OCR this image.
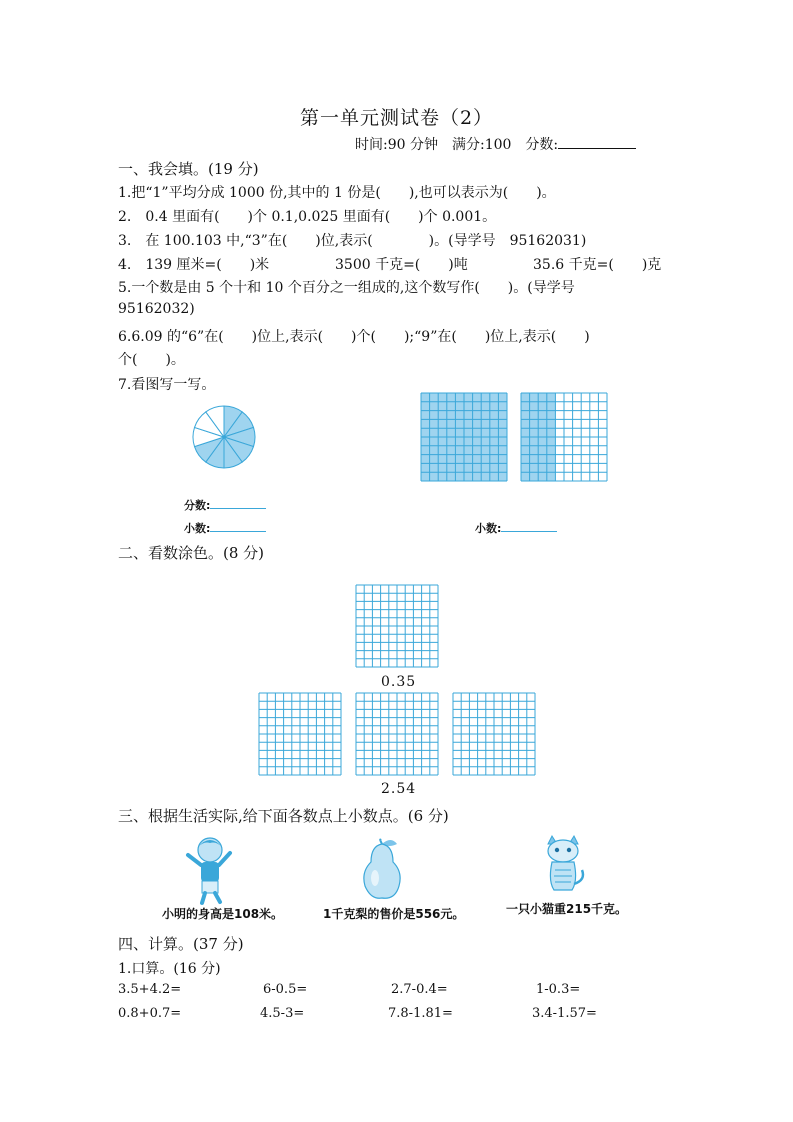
第一单元测试卷（2）
时间:90 分钟　满分:100　分数:
一、我会填。(19 分)
1.把“1”平均分成 1000 份,其中的 1 份是(　　),也可以表示为(　　)。
2.　0.4 里面有(　　)个 0.1,0.025 里面有(　　)个 0.001。
3.　在 100.103 中,“3”在(　　)位,表示(　　　　)。(导学号　95162031)
4.　139 厘米=(　　)米	3500 千克=(　　)吨	35.6 千克=(　　)克
5.一个数是由 5 个十和 10 个百分之一组成的,这个数写作(　　)。(导学号
95162032)
6.6.09 的“6”在(　　)位上,表示(　　)个(　　);“9”在(　　)位上,表示(　　)
个(　　)。
7.看图写一写。
分数:
小数:	小数:
二、看数涂色。(8 分)
0.35
2.54
三、根据生活实际,给下面各数点上小数点。(6 分)
小明的身高是108米。	1千克梨的售价是556元。	一只小猫重215千克。
四、计算。(37 分)
1.口算。(16 分)
3.5+4.2=	6-0.5=	2.7-0.4=	1-0.3=
0.8+0.7=	4.5-3=	7.8-1.81=	3.4-1.57=
